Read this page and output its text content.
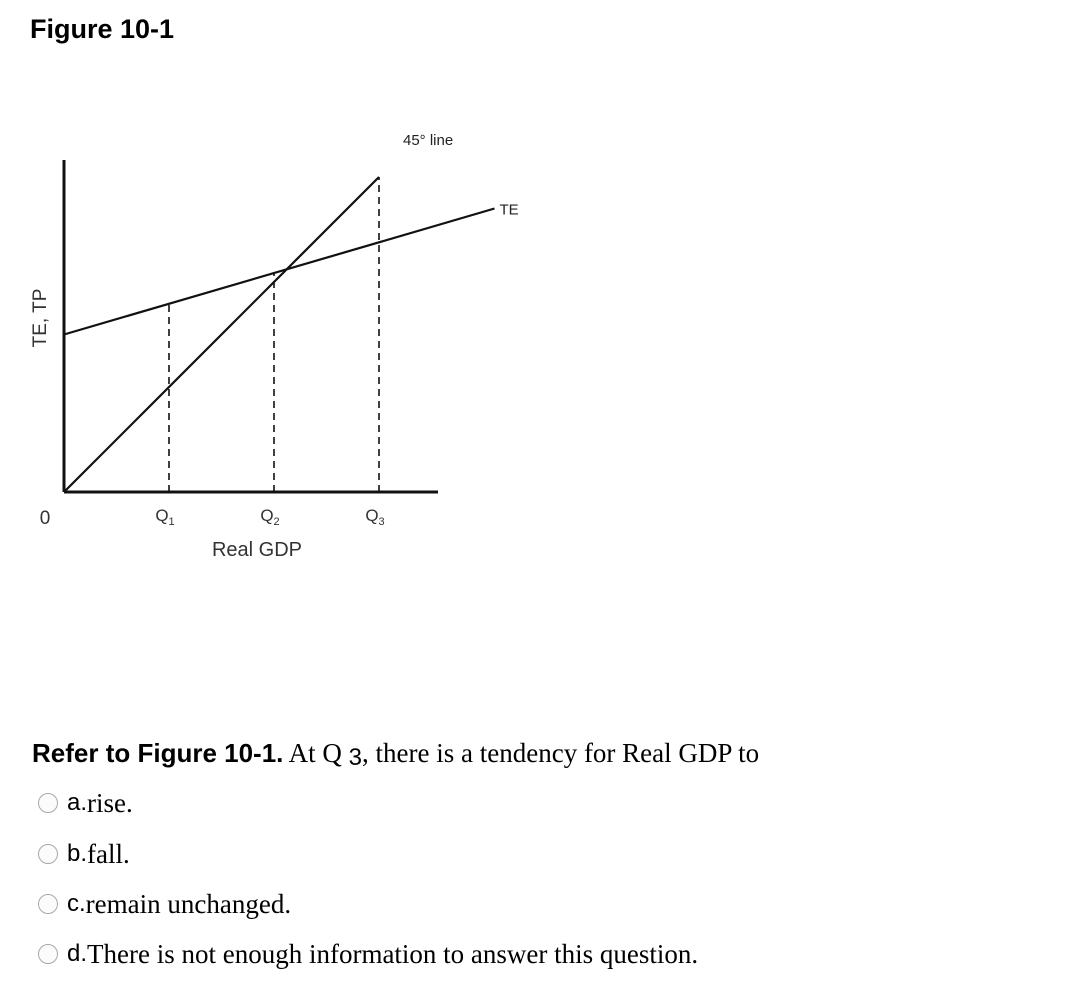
Figure 10-1
45° line
TE
$Q_1$	$Q_2$	$Q_3$
TE, TP
0
Real GDP
Refer to Figure 10-1. At Q 3, there is a tendency for Real GDP to
a. rise.
b. fall.
c. remain unchanged.
d. There is not enough information to answer this question.
